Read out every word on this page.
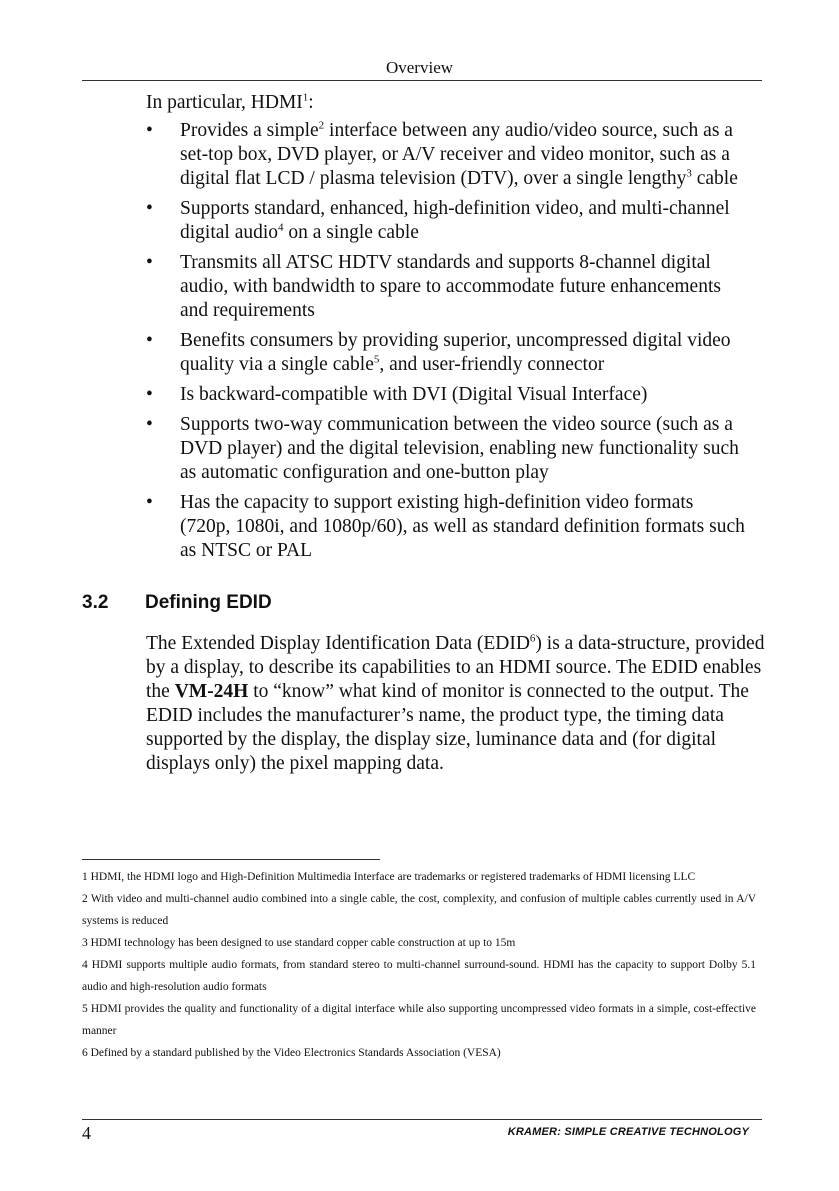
Overview
In particular, HDMI$^1$:
• Provides a simple$^2$ interface between any audio/video source, such as a set-top box, DVD player, or A/V receiver and video monitor, such as a digital flat LCD / plasma television (DTV), over a single lengthy$^3$ cable
• Supports standard, enhanced, high-definition video, and multi-channel digital audio$^4$ on a single cable
• Transmits all ATSC HDTV standards and supports 8-channel digital audio, with bandwidth to spare to accommodate future enhancements and requirements
• Benefits consumers by providing superior, uncompressed digital video quality via a single cable$^5$, and user-friendly connector
• Is backward-compatible with DVI (Digital Visual Interface)
• Supports two-way communication between the video source (such as a DVD player) and the digital television, enabling new functionality such as automatic configuration and one-button play
• Has the capacity to support existing high-definition video formats (720p, 1080i, and 1080p/60), as well as standard definition formats such as NTSC or PAL
3.2 Defining EDID
The Extended Display Identification Data (EDID$^6$) is a data-structure, provided by a display, to describe its capabilities to an HDMI source. The EDID enables the VM-24H to “know” what kind of monitor is connected to the output. The EDID includes the manufacturer’s name, the product type, the timing data supported by the display, the display size, luminance data and (for digital displays only) the pixel mapping data.

1 HDMI, the HDMI logo and High-Definition Multimedia Interface are trademarks or registered trademarks of HDMI licensing LLC

2 With video and multi-channel audio combined into a single cable, the cost, complexity, and confusion of multiple cables currently used in A/V systems is reduced

3 HDMI technology has been designed to use standard copper cable construction at up to 15m

4 HDMI supports multiple audio formats, from standard stereo to multi-channel surround-sound. HDMI has the capacity to support Dolby 5.1 audio and high-resolution audio formats

5 HDMI provides the quality and functionality of a digital interface while also supporting uncompressed video formats in a simple, cost-effective manner

6 Defined by a standard published by the Video Electronics Standards Association (VESA)

4	KRAMER: SIMPLE CREATIVE TECHNOLOGY
